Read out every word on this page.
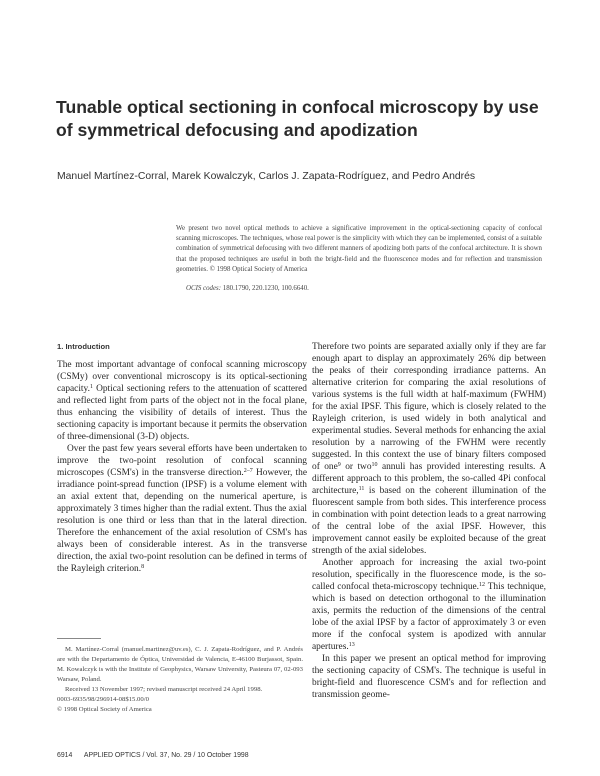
Tunable optical sectioning in confocal microscopy by use of symmetrical defocusing and apodization
Manuel Martínez-Corral, Marek Kowalczyk, Carlos J. Zapata-Rodríguez, and Pedro Andrés
We present two novel optical methods to achieve a significative improvement in the optical-sectioning capacity of confocal scanning microscopes. The techniques, whose real power is the simplicity with which they can be implemented, consist of a suitable combination of symmetrical defocusing with two different manners of apodizing both parts of the confocal architecture. It is shown that the proposed techniques are useful in both the bright-field and the fluorescence modes and for reflection and transmission geometries. © 1998 Optical Society of America
OCIS codes: 180.1790, 220.1230, 100.6640.
1. Introduction

The most important advantage of confocal scanning microscopy (CSMy) over conventional microscopy is its optical-sectioning capacity.$^1$ Optical sectioning refers to the attenuation of scattered and reflected light from parts of the object not in the focal plane, thus enhancing the visibility of details of interest. Thus the sectioning capacity is important because it permits the observation of three-dimensional (3-D) objects.

Over the past few years several efforts have been undertaken to improve the two-point resolution of confocal scanning microscopes (CSM's) in the transverse direction.$^{2-7}$ However, the irradiance point-spread function (IPSF) is a volume element with an axial extent that, depending on the numerical aperture, is approximately 3 times higher than the radial extent. Thus the axial resolution is one third or less than that in the lateral direction. Therefore the enhancement of the axial resolution of CSM's has always been of considerable interest. As in the transverse direction, the axial two-point resolution can be defined in terms of the Rayleigh criterion.$^8$

M. Martínez-Corral (manuel.martinez@uv.es), C. J. Zapata-Rodríguez, and P. Andrés are with the Departamento de Óptica, Universidad de Valencia, E-46100 Burjassot, Spain. M. Kowalczyk is with the Institute of Geophysics, Warsaw University, Pasteura 07, 02-093 Warsaw, Poland.

Received 13 November 1997; revised manuscript received 24 April 1998.

0003-6935/98/296914-08$15.00/0

© 1998 Optical Society of America

Therefore two points are separated axially only if they are far enough apart to display an approximately 26% dip between the peaks of their corresponding irradiance patterns. An alternative criterion for comparing the axial resolutions of various systems is the full width at half-maximum (FWHM) for the axial IPSF. This figure, which is closely related to the Rayleigh criterion, is used widely in both analytical and experimental studies. Several methods for enhancing the axial resolution by a narrowing of the FWHM were recently suggested. In this context the use of binary filters composed of one$^9$ or two$^{10}$ annuli has provided interesting results. A different approach to this problem, the so-called 4Pi confocal architecture,$^{11}$ is based on the coherent illumination of the fluorescent sample from both sides. This interference process in combination with point detection leads to a great narrowing of the central lobe of the axial IPSF. However, this improvement cannot easily be exploited because of the great strength of the axial sidelobes.

Another approach for increasing the axial two-point resolution, specifically in the fluorescence mode, is the so-called confocal theta-microscopy technique.$^{12}$ This technique, which is based on detection orthogonal to the illumination axis, permits the reduction of the dimensions of the central lobe of the axial IPSF by a factor of approximately 3 or even more if the confocal system is apodized with annular apertures.$^{13}$

In this paper we present an optical method for improving the sectioning capacity of CSM's. The technique is useful in bright-field and fluorescence CSM's and for reflection and transmission geome-

6914 APPLIED OPTICS / Vol. 37, No. 29 / 10 October 1998
